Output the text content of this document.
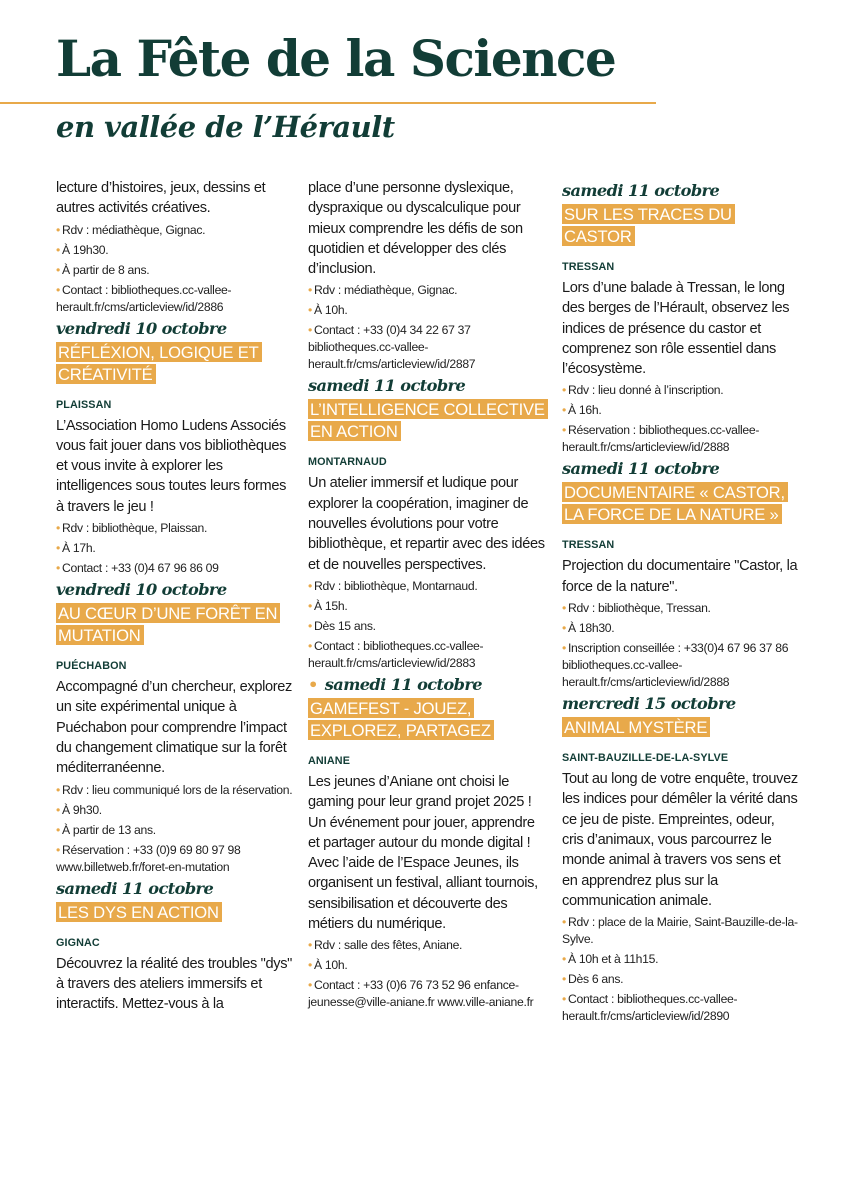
La Fête de la Science
en vallée de l’Hérault

lecture d’histoires, jeux, dessins et autres activités créatives.

• Rdv : médiathèque, Gignac.

• À 19h30.

• À partir de 8 ans.

• Contact : bibliotheques.cc-vallee-herault.fr/cms/articleview/id/2886

vendredi 10 octobre

RÉFLÉXION, LOGIQUE ET CRÉATIVITÉ

PLAISSAN

L’Association Homo Ludens Associés vous fait jouer dans vos bibliothèques et vous invite à explorer les intelligences sous toutes leurs formes à travers le jeu !

• Rdv : bibliothèque, Plaissan.

• À 17h.

• Contact : +33 (0)4 67 96 86 09

vendredi 10 octobre

AU CŒUR D’UNE FORÊT EN MUTATION

PUÉCHABON

Accompagné d’un chercheur, explorez un site expérimental unique à Puéchabon pour comprendre l’impact du changement climatique sur la forêt méditerranéenne.

• Rdv : lieu communiqué lors de la réservation.

• À 9h30.

• À partir de 13 ans.

• Réservation : +33 (0)9 69 80 97 98 www.billetweb.fr/foret-en-mutation

samedi 11 octobre

LES DYS EN ACTION

GIGNAC

Découvrez la réalité des troubles "dys" à travers des ateliers immersifs et interactifs. Mettez-vous à la

place d’une personne dyslexique, dyspraxique ou dyscalculique pour mieux comprendre les défis de son quotidien et développer des clés d’inclusion.

• Rdv : médiathèque, Gignac.

• À 10h.

• Contact : +33 (0)4 34 22 67 37 bibliotheques.cc-vallee-herault.fr/cms/articleview/id/2887

samedi 11 octobre

L’INTELLIGENCE COLLECTIVE EN ACTION

MONTARNAUD

Un atelier immersif et ludique pour explorer la coopération, imaginer de nouvelles évolutions pour votre bibliothèque, et repartir avec des idées et de nouvelles perspectives.

• Rdv : bibliothèque, Montarnaud.

• À 15h.

• Dès 15 ans.

• Contact : bibliotheques.cc-vallee-herault.fr/cms/articleview/id/2883

• samedi 11 octobre

GAMEFEST - JOUEZ, EXPLOREZ, PARTAGEZ

ANIANE

Les jeunes d’Aniane ont choisi le gaming pour leur grand projet 2025 ! Un événement pour jouer, apprendre et partager autour du monde digital ! Avec l’aide de l’Espace Jeunes, ils organisent un festival, alliant tournois, sensibilisation et découverte des métiers du numérique.

• Rdv : salle des fêtes, Aniane.

• À 10h.

• Contact : +33 (0)6 76 73 52 96 enfance-jeunesse@ville-aniane.fr www.ville-aniane.fr

samedi 11 octobre

SUR LES TRACES DU CASTOR

TRESSAN

Lors d’une balade à Tressan, le long des berges de l’Hérault, observez les indices de présence du castor et comprenez son rôle essentiel dans l’écosystème.

• Rdv : lieu donné à l’inscription.

• À 16h.

• Réservation : bibliotheques.cc-vallee-herault.fr/cms/articleview/id/2888

samedi 11 octobre

DOCUMENTAIRE « CASTOR, LA FORCE DE LA NATURE »

TRESSAN

Projection du documentaire "Castor, la force de la nature".

• Rdv : bibliothèque, Tressan.

• À 18h30.

• Inscription conseillée : +33(0)4 67 96 37 86 bibliotheques.cc-vallee-herault.fr/cms/articleview/id/2888

mercredi 15 octobre

ANIMAL MYSTÈRE

SAINT-BAUZILLE-DE-LA-SYLVE

Tout au long de votre enquête, trouvez les indices pour démêler la vérité dans ce jeu de piste. Empreintes, odeur, cris d’animaux, vous parcourrez le monde animal à travers vos sens et en apprendrez plus sur la communication animale.

• Rdv : place de la Mairie, Saint-Bauzille-de-la-Sylve.

• À 10h et à 11h15.

• Dès 6 ans.

• Contact : bibliotheques.cc-vallee-herault.fr/cms/articleview/id/2890
